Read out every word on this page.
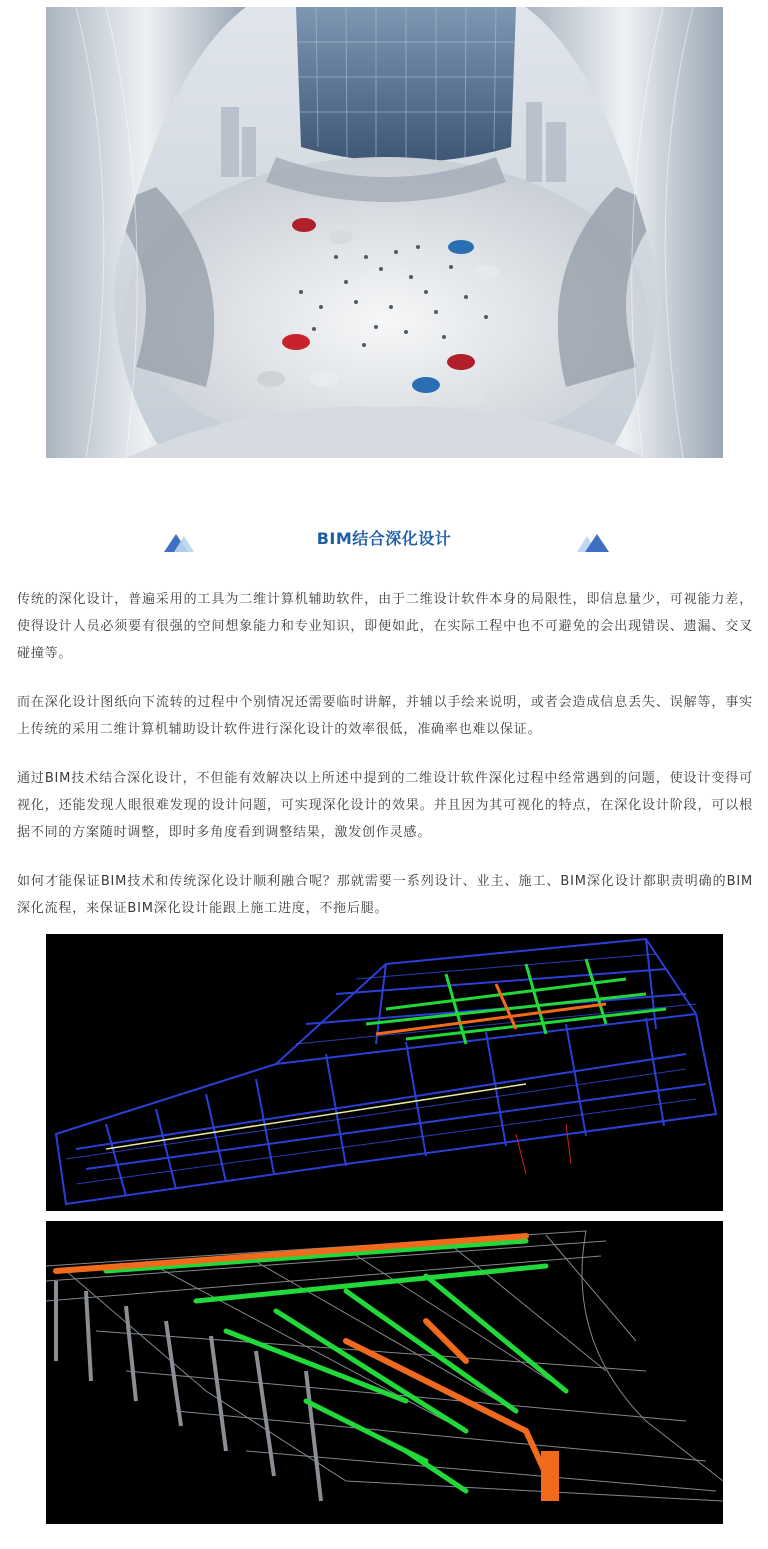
BIM结合深化设计

传统的深化设计，普遍采用的工具为二维计算机辅助软件，由于二维设计软件本身的局限性，即信息量少，可视能力差，使得设计人员必须要有很强的空间想象能力和专业知识，即便如此，在实际工程中也不可避免的会出现错误、遗漏、交叉碰撞等。

而在深化设计图纸向下流转的过程中个别情况还需要临时讲解，并辅以手绘来说明，或者会造成信息丢失、误解等，事实上传统的采用二维计算机辅助设计软件进行深化设计的效率很低，准确率也难以保证。

通过BIM技术结合深化设计，不但能有效解决以上所述中提到的二维设计软件深化过程中经常遇到的问题，使设计变得可视化，还能发现人眼很难发现的设计问题，可实现深化设计的效果。并且因为其可视化的特点，在深化设计阶段，可以根据不同的方案随时调整，即时多角度看到调整结果，激发创作灵感。

如何才能保证BIM技术和传统深化设计顺利融合呢？那就需要一系列设计、业主、施工、BIM深化设计都职责明确的BIM深化流程，来保证BIM深化设计能跟上施工进度，不拖后腿。
